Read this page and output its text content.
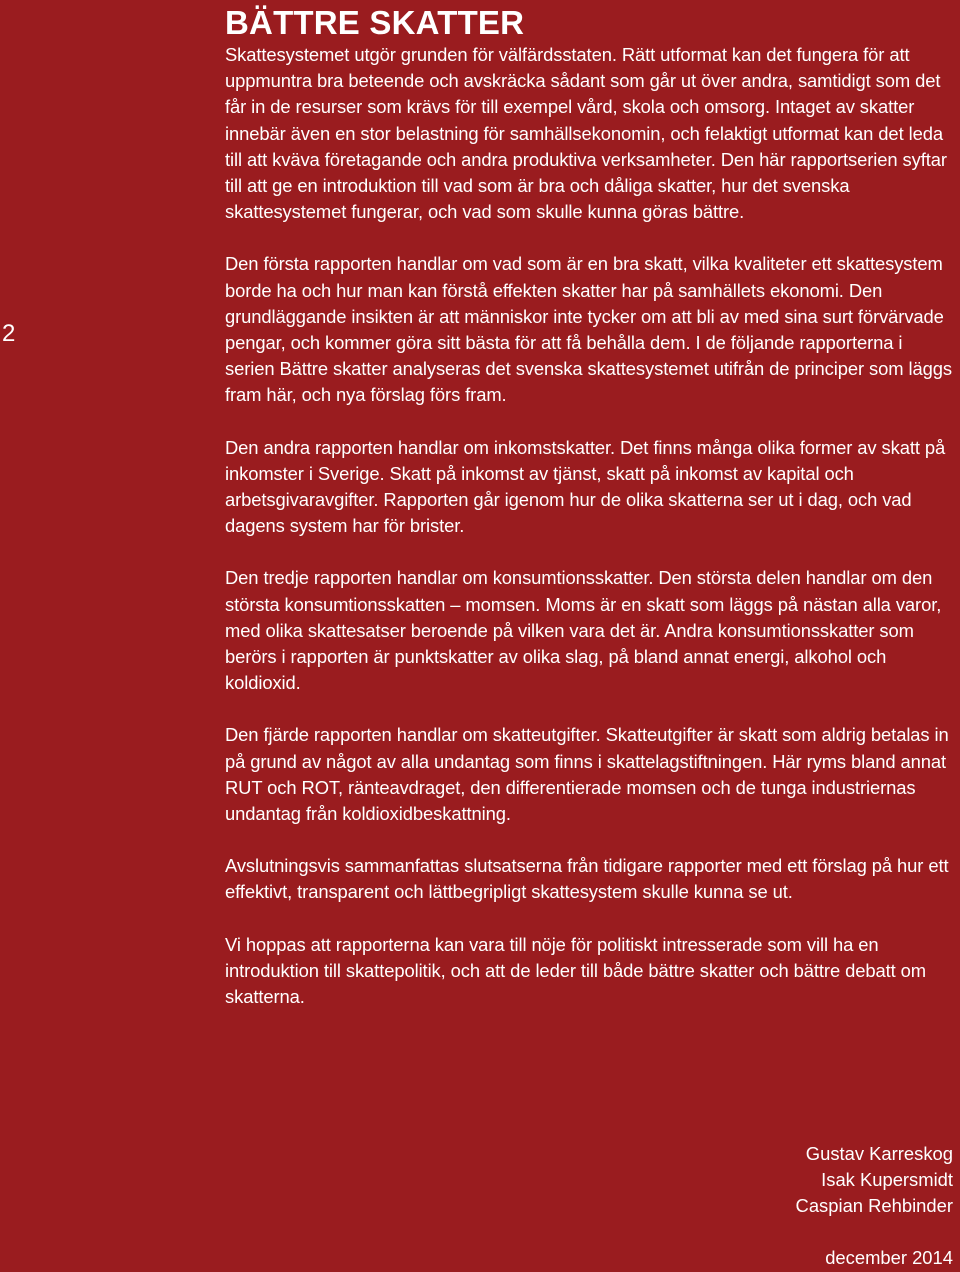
2
BÄTTRE SKATTER

Skattesystemet utgör grunden för välfärdsstaten. Rätt utformat kan det fungera för att uppmuntra bra beteende och avskräcka sådant som går ut över andra, samtidigt som det får in de resurser som krävs för till exempel vård, skola och omsorg. Intaget av skatter innebär även en stor belastning för samhällsekonomin, och felaktigt utformat kan det leda till att kväva företagande och andra produktiva verksamheter. Den här rapportserien syftar till att ge en introduktion till vad som är bra och dåliga skatter, hur det svenska skattesystemet fungerar, och vad som skulle kunna göras bättre.

Den första rapporten handlar om vad som är en bra skatt, vilka kvaliteter ett skattesystem borde ha och hur man kan förstå effekten skatter har på samhällets ekonomi. Den grundläggande insikten är att människor inte tycker om att bli av med sina surt förvärvade pengar, och kommer göra sitt bästa för att få behålla dem. I de följande rapporterna i serien Bättre skatter analyseras det svenska skattesystemet utifrån de principer som läggs fram här, och nya förslag förs fram.

Den andra rapporten handlar om inkomstskatter. Det finns många olika former av skatt på inkomster i Sverige. Skatt på inkomst av tjänst, skatt på inkomst av kapital och arbetsgivaravgifter. Rapporten går igenom hur de olika skatterna ser ut i dag, och vad dagens system har för brister.

Den tredje rapporten handlar om konsumtionsskatter. Den största delen handlar om den största konsumtionsskatten – momsen. Moms är en skatt som läggs på nästan alla varor, med olika skattesatser beroende på vilken vara det är. Andra konsumtionsskatter som berörs i rapporten är punktskatter av olika slag, på bland annat energi, alkohol och koldioxid.

Den fjärde rapporten handlar om skatteutgifter. Skatteutgifter är skatt som aldrig betalas in på grund av något av alla undantag som finns i skattelagstiftningen. Här ryms bland annat RUT och ROT, ränteavdraget, den differentierade momsen och de tunga industriernas undantag från koldioxidbeskattning.

Avslutningsvis sammanfattas slutsatserna från tidigare rapporter med ett förslag på hur ett effektivt, transparent och lättbegripligt skattesystem skulle kunna se ut.

Vi hoppas att rapporterna kan vara till nöje för politiskt intresserade som vill ha en introduktion till skattepolitik, och att de leder till både bättre skatter och bättre debatt om skatterna.

Gustav Karreskog
Isak Kupersmidt
Caspian Rehbinder
december 2014
